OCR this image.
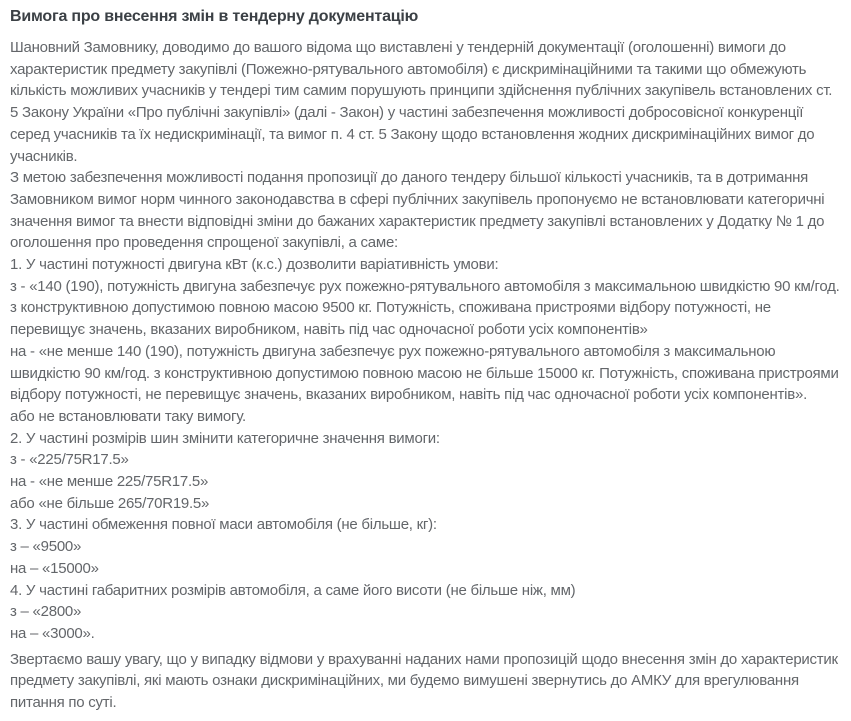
Вимога про внесення змін в тендерну документацію

Шановний Замовнику, доводимо до вашого відома що виставлені у тендерній документації (оголошенні) вимоги до характеристик предмету закупівлі (Пожежно-рятувального автомобіля) є дискримінаційними та такими що обмежують кількість можливих учасників у тендері тим самим порушують принципи здійснення публічних закупівель встановлених ст. 5 Закону України «Про публічні закупівлі» (далі - Закон) у частині забезпечення можливості добросовісної конкуренції серед учасників та їх недискримінації, та вимог п. 4 ст. 5 Закону щодо встановлення жодних дискримінаційних вимог до учасників.

З метою забезпечення можливості подання пропозиції до даного тендеру більшої кількості учасників, та в дотримання Замовником вимог норм чинного законодавства в сфері публічних закупівель пропонуємо не встановлювати категоричні значення вимог та внести відповідні зміни до бажаних характеристик предмету закупівлі встановлених у Додатку № 1 до оголошення про проведення спрощеної закупівлі, а саме:

1. У частині потужності двигуна кВт (к.с.) дозволити варіативність умови:

з - «140 (190), потужність двигуна забезпечує рух пожежно-рятувального автомобіля з максимальною швидкістю 90 км/год. з конструктивною допустимою повною масою 9500 кг. Потужність, споживана пристроями відбору потужності, не перевищує значень, вказаних виробником, навіть під час одночасної роботи усіх компонентів»

на - «не менше 140 (190), потужність двигуна забезпечує рух пожежно-рятувального автомобіля з максимальною швидкістю 90 км/год. з конструктивною допустимою повною масою не більше 15000 кг. Потужність, споживана пристроями відбору потужності, не перевищує значень, вказаних виробником, навіть під час одночасної роботи усіх компонентів».

або не встановлювати таку вимогу.

2. У частині розмірів шин змінити категоричне значення вимоги:

з - «225/75R17.5»

на - «не менше 225/75R17.5»

або «не більше 265/70R19.5»

3. У частині обмеження повної маси автомобіля (не більше, кг):

з – «9500»

на – «15000»

4. У частині габаритних розмірів автомобіля, а саме його висоти (не більше ніж, мм)

з – «2800»

на – «3000».

Звертаємо вашу увагу, що у випадку відмови у врахуванні наданих нами пропозицій щодо внесення змін до характеристик предмету закупівлі, які мають ознаки дискримінаційних, ми будемо вимушені звернутись до АМКУ для врегулювання питання по суті.
